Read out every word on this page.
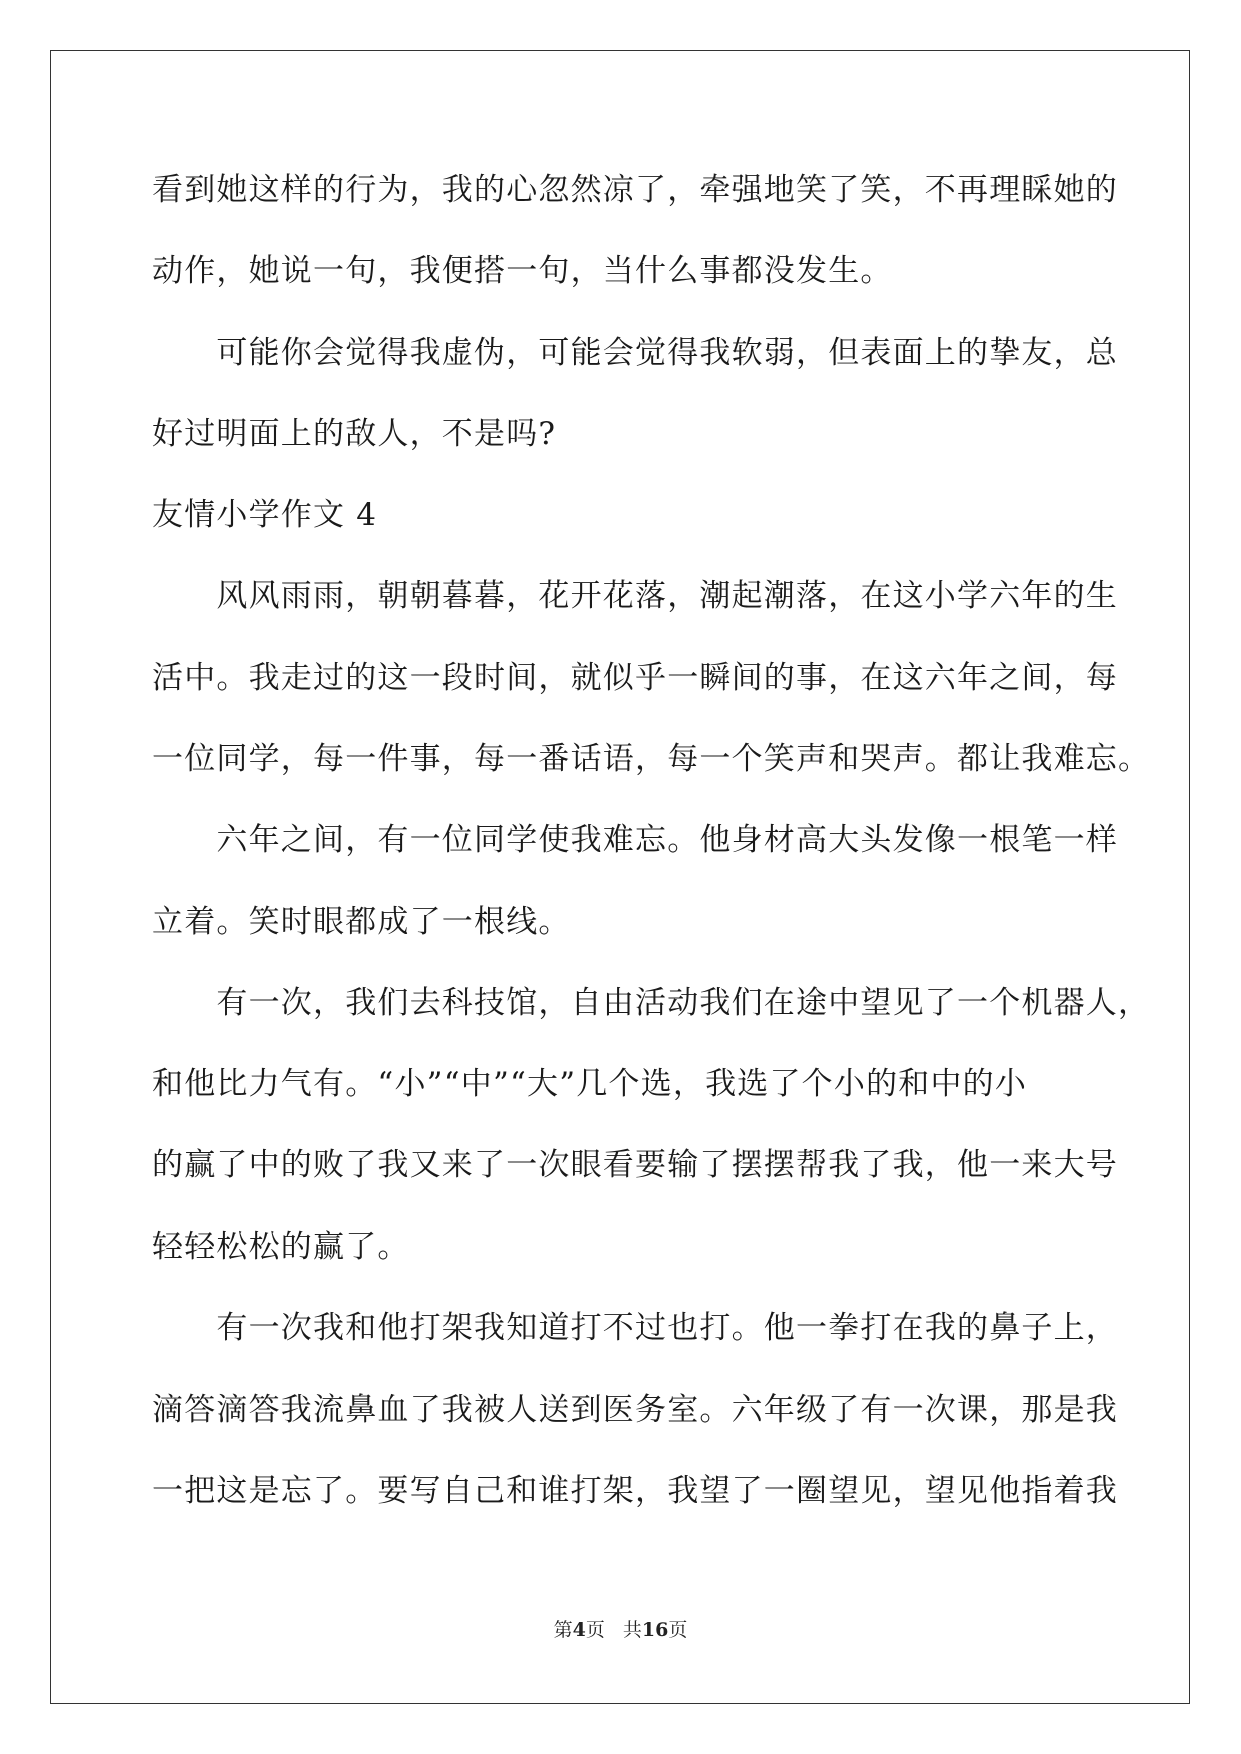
看到她这样的行为，我的心忽然凉了，牵强地笑了笑，不再理睬她的
动作，她说一句，我便搭一句，当什么事都没发生。
　　可能你会觉得我虚伪，可能会觉得我软弱，但表面上的挚友，总
好过明面上的敌人，不是吗?
友情小学作文 4
　　风风雨雨，朝朝暮暮，花开花落，潮起潮落，在这小学六年的生
活中。我走过的这一段时间，就似乎一瞬间的事，在这六年之间，每
一位同学，每一件事，每一番话语，每一个笑声和哭声。都让我难忘。
　　六年之间，有一位同学使我难忘。他身材高大头发像一根笔一样
立着。笑时眼都成了一根线。
　　有一次，我们去科技馆，自由活动我们在途中望见了一个机器人，
和他比力气有。“小”“中”“大”几个选，我选了个小的和中的小
的赢了中的败了我又来了一次眼看要输了摆摆帮我了我，他一来大号
轻轻松松的赢了。
　　有一次我和他打架我知道打不过也打。他一拳打在我的鼻子上，
滴答滴答我流鼻血了我被人送到医务室。六年级了有一次课，那是我
一把这是忘了。要写自己和谁打架，我望了一圈望见，望见他指着我
第4页 共16页
